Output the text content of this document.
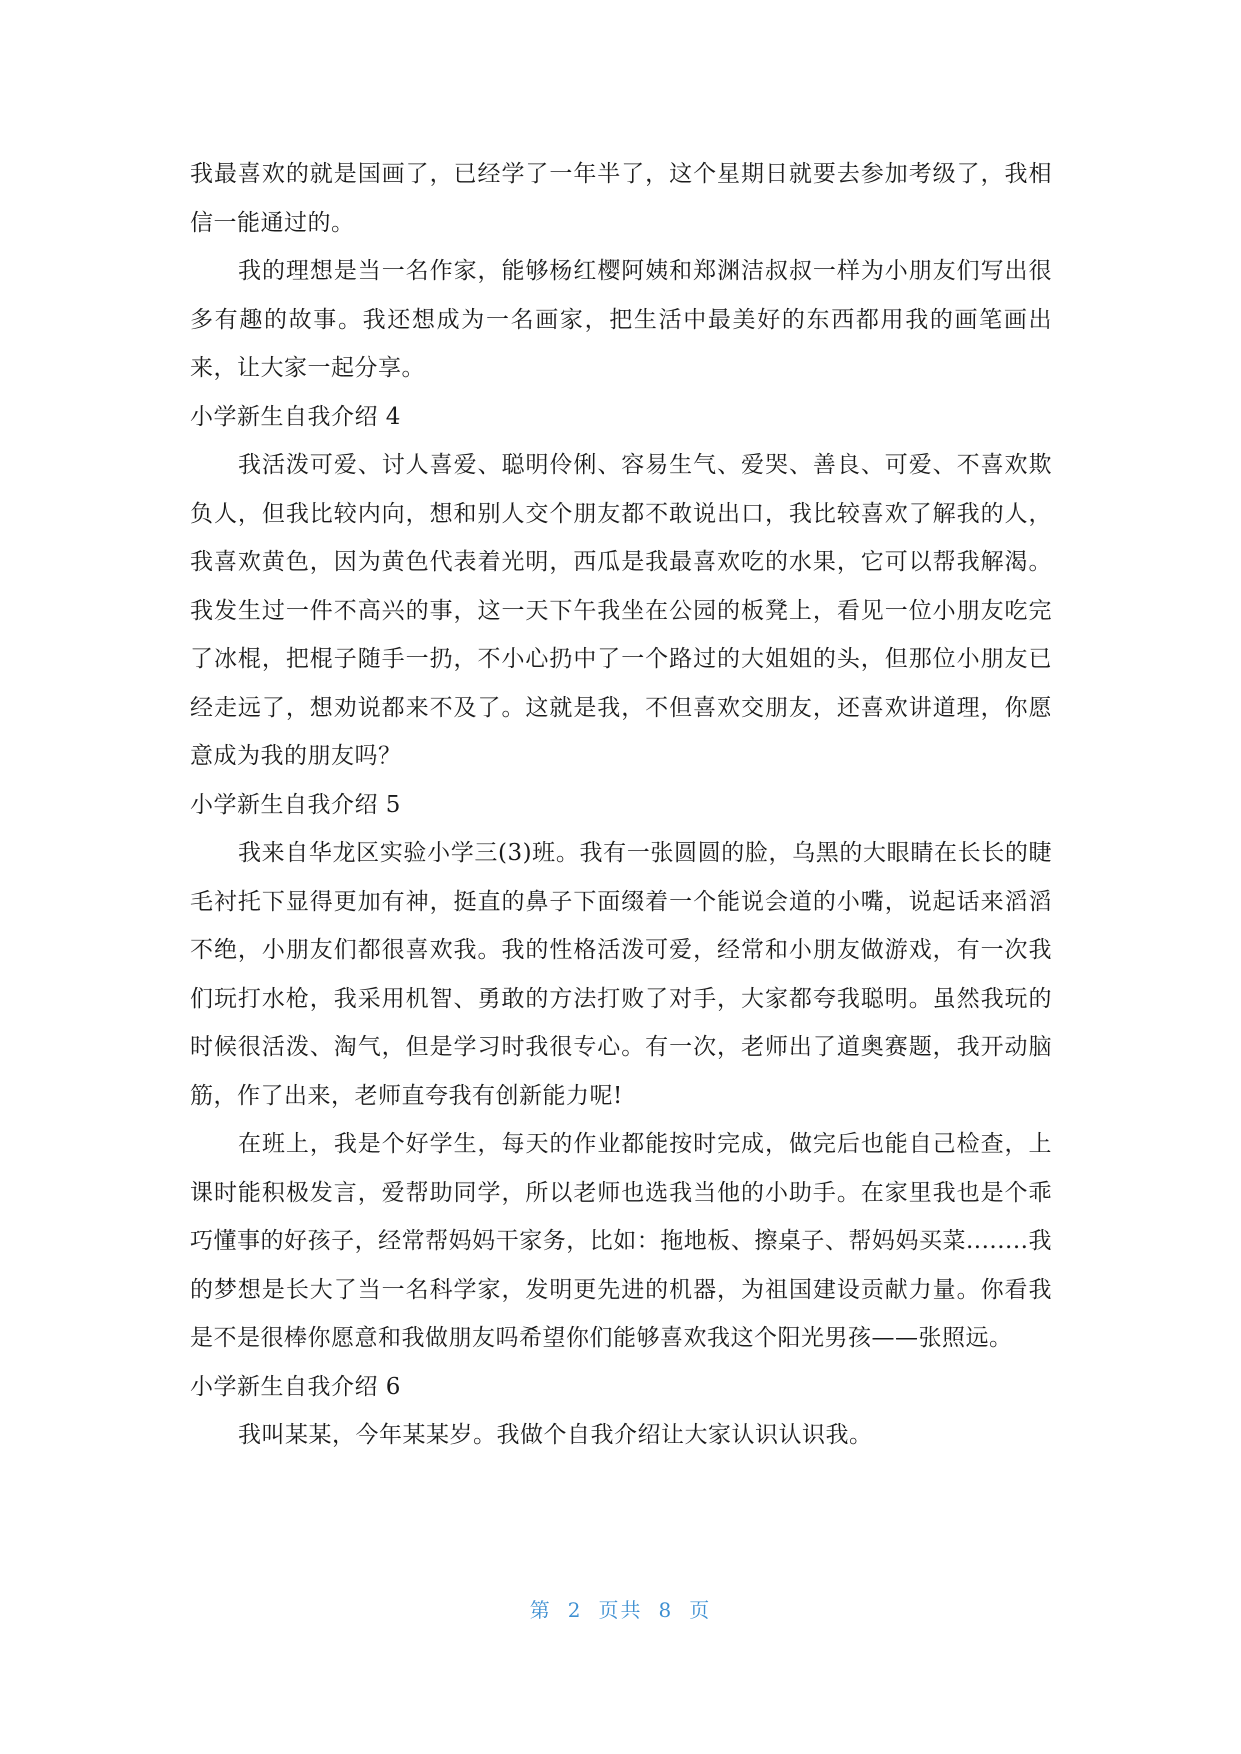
我最喜欢的就是国画了，已经学了一年半了，这个星期日就要去参加考级了，我相信一能通过的。

我的理想是当一名作家，能够杨红樱阿姨和郑渊洁叔叔一样为小朋友们写出很多有趣的故事。我还想成为一名画家，把生活中最美好的东西都用我的画笔画出来，让大家一起分享。

小学新生自我介绍 4

我活泼可爱、讨人喜爱、聪明伶俐、容易生气、爱哭、善良、可爱、不喜欢欺负人，但我比较内向，想和别人交个朋友都不敢说出口，我比较喜欢了解我的人，我喜欢黄色，因为黄色代表着光明，西瓜是我最喜欢吃的水果，它可以帮我解渴。我发生过一件不高兴的事，这一天下午我坐在公园的板凳上，看见一位小朋友吃完了冰棍，把棍子随手一扔，不小心扔中了一个路过的大姐姐的头，但那位小朋友已经走远了，想劝说都来不及了。这就是我，不但喜欢交朋友，还喜欢讲道理，你愿意成为我的朋友吗？

小学新生自我介绍 5

我来自华龙区实验小学三(3)班。我有一张圆圆的脸，乌黑的大眼睛在长长的睫毛衬托下显得更加有神，挺直的鼻子下面缀着一个能说会道的小嘴，说起话来滔滔不绝，小朋友们都很喜欢我。我的性格活泼可爱，经常和小朋友做游戏，有一次我们玩打水枪，我采用机智、勇敢的方法打败了对手，大家都夸我聪明。虽然我玩的时候很活泼、淘气，但是学习时我很专心。有一次，老师出了道奥赛题，我开动脑筋，作了出来，老师直夸我有创新能力呢!

在班上，我是个好学生，每天的作业都能按时完成，做完后也能自己检查，上课时能积极发言，爱帮助同学，所以老师也选我当他的小助手。在家里我也是个乖巧懂事的好孩子，经常帮妈妈干家务，比如：拖地板、擦桌子、帮妈妈买菜........我的梦想是长大了当一名科学家，发明更先进的机器，为祖国建设贡献力量。你看我是不是很棒你愿意和我做朋友吗希望你们能够喜欢我这个阳光男孩——张照远。

小学新生自我介绍 6

我叫某某，今年某某岁。我做个自我介绍让大家认识认识我。

第 2 页共 8 页
